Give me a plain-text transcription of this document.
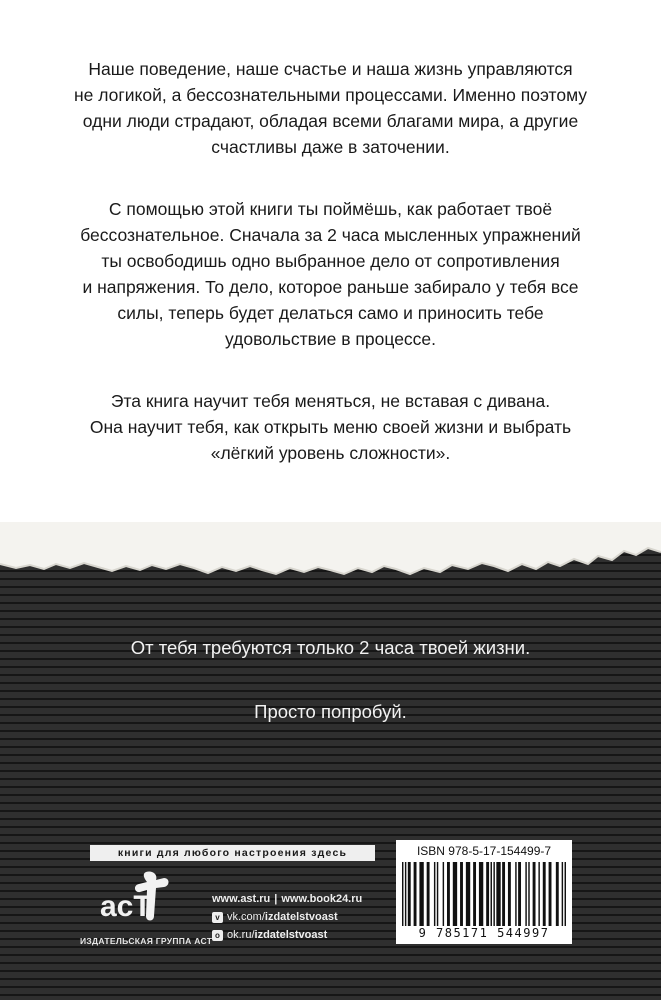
Наше поведение, наше счастье и наша жизнь управляются
не логикой, а бессознательными процессами. Именно поэтому
одни люди страдают, обладая всеми благами мира, а другие
счастливы даже в заточении.

С помощью этой книги ты поймёшь, как работает твоё
бессознательное. Сначала за 2 часа мысленных упражнений
ты освободишь одно выбранное дело от сопротивления
и напряжения. То дело, которое раньше забирало у тебя все
силы, теперь будет делаться само и приносить тебе
удовольствие в процессе.

Эта книга научит тебя меняться, не вставая с дивана.
Она научит тебя, как открыть меню своей жизни и выбрать
«лёгкий уровень сложности».

От тебя требуются только 2 часа твоей жизни.

Просто попробуй.

книги для любого настроения здесь
acT
ИЗДАТЕЛЬСКАЯ ГРУППА АСТ
www.ast.ru | www.book24.ru
v vk.com/ izdatelstvoast
o ok.ru/ izdatelstvoast
ISBN 978-5-17-154499-7
9 785171 544997
